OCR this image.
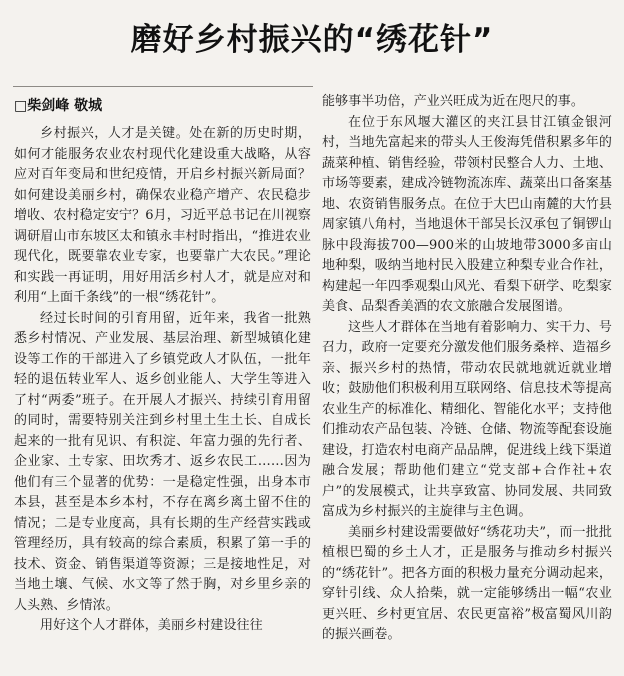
磨好乡村振兴的“绣花针”
□柴剑峰 敬城

乡村振兴，人才是关键。处在新的历史时期，如何才能服务农业农村现代化建设重大战略，从容应对百年变局和世纪疫情，开启乡村振兴新局面？如何建设美丽乡村，确保农业稳产增产、农民稳步增收、农村稳定安宁？6月，习近平总书记在川视察调研眉山市东坡区太和镇永丰村时指出，“推进农业现代化，既要靠农业专家，也要靠广大农民。”理论和实践一再证明，用好用活乡村人才，就是应对和利用“上面千条线”的一根“绣花针”。

经过长时间的引育用留，近年来，我省一批熟悉乡村情况、产业发展、基层治理、新型城镇化建设等工作的干部进入了乡镇党政人才队伍，一批年轻的退伍转业军人、返乡创业能人、大学生等进入了村“两委”班子。在开展人才振兴、持续引育用留的同时，需要特别关注到乡村里土生土长、自成长起来的一批有见识、有积淀、年富力强的先行者、企业家、土专家、田坎秀才、返乡农民工……因为他们有三个显著的优势：一是稳定性强，出身本市本县，甚至是本乡本村，不存在离乡离土留不住的情况；二是专业度高，具有长期的生产经营实践或管理经历，具有较高的综合素质，积累了第一手的技术、资金、销售渠道等资源；三是接地性足，对当地土壤、气候、水文等了然于胸，对乡里乡亲的人头熟、乡情浓。

用好这个人才群体，美丽乡村建设往往

能够事半功倍，产业兴旺成为近在咫尺的事。

在位于东风堰大灌区的夹江县甘江镇金银河村，当地先富起来的带头人王俊海凭借积累多年的蔬菜种植、销售经验，带领村民整合人力、土地、市场等要素，建成冷链物流冻库、蔬菜出口备案基地、农资销售服务点。在位于大巴山南麓的大竹县周家镇八角村，当地退休干部吴长汉承包了铜锣山脉中段海拔700—900米的山坡地带3000多亩山地种梨，吸纳当地村民入股建立种梨专业合作社，构建起一年四季观梨山风光、看梨下研学、吃梨家美食、品梨香美酒的农文旅融合发展图谱。

这些人才群体在当地有着影响力、实干力、号召力，政府一定要充分激发他们服务桑梓、造福乡亲、振兴乡村的热情，带动农民就地就近就业增收；鼓励他们积极利用互联网络、信息技术等提高农业生产的标准化、精细化、智能化水平；支持他们推动农产品包装、冷链、仓储、物流等配套设施建设，打造农村电商产品品牌，促进线上线下渠道融合发展；帮助他们建立“党支部+合作社+农户”的发展模式，让共享致富、协同发展、共同致富成为乡村振兴的主旋律与主色调。

美丽乡村建设需要做好“绣花功夫”，而一批批植根巴蜀的乡土人才，正是服务与推动乡村振兴的“绣花针”。把各方面的积极力量充分调动起来，穿针引线、众人拾柴，就一定能够绣出一幅“农业更兴旺、乡村更宜居、农民更富裕”极富蜀风川韵的振兴画卷。
